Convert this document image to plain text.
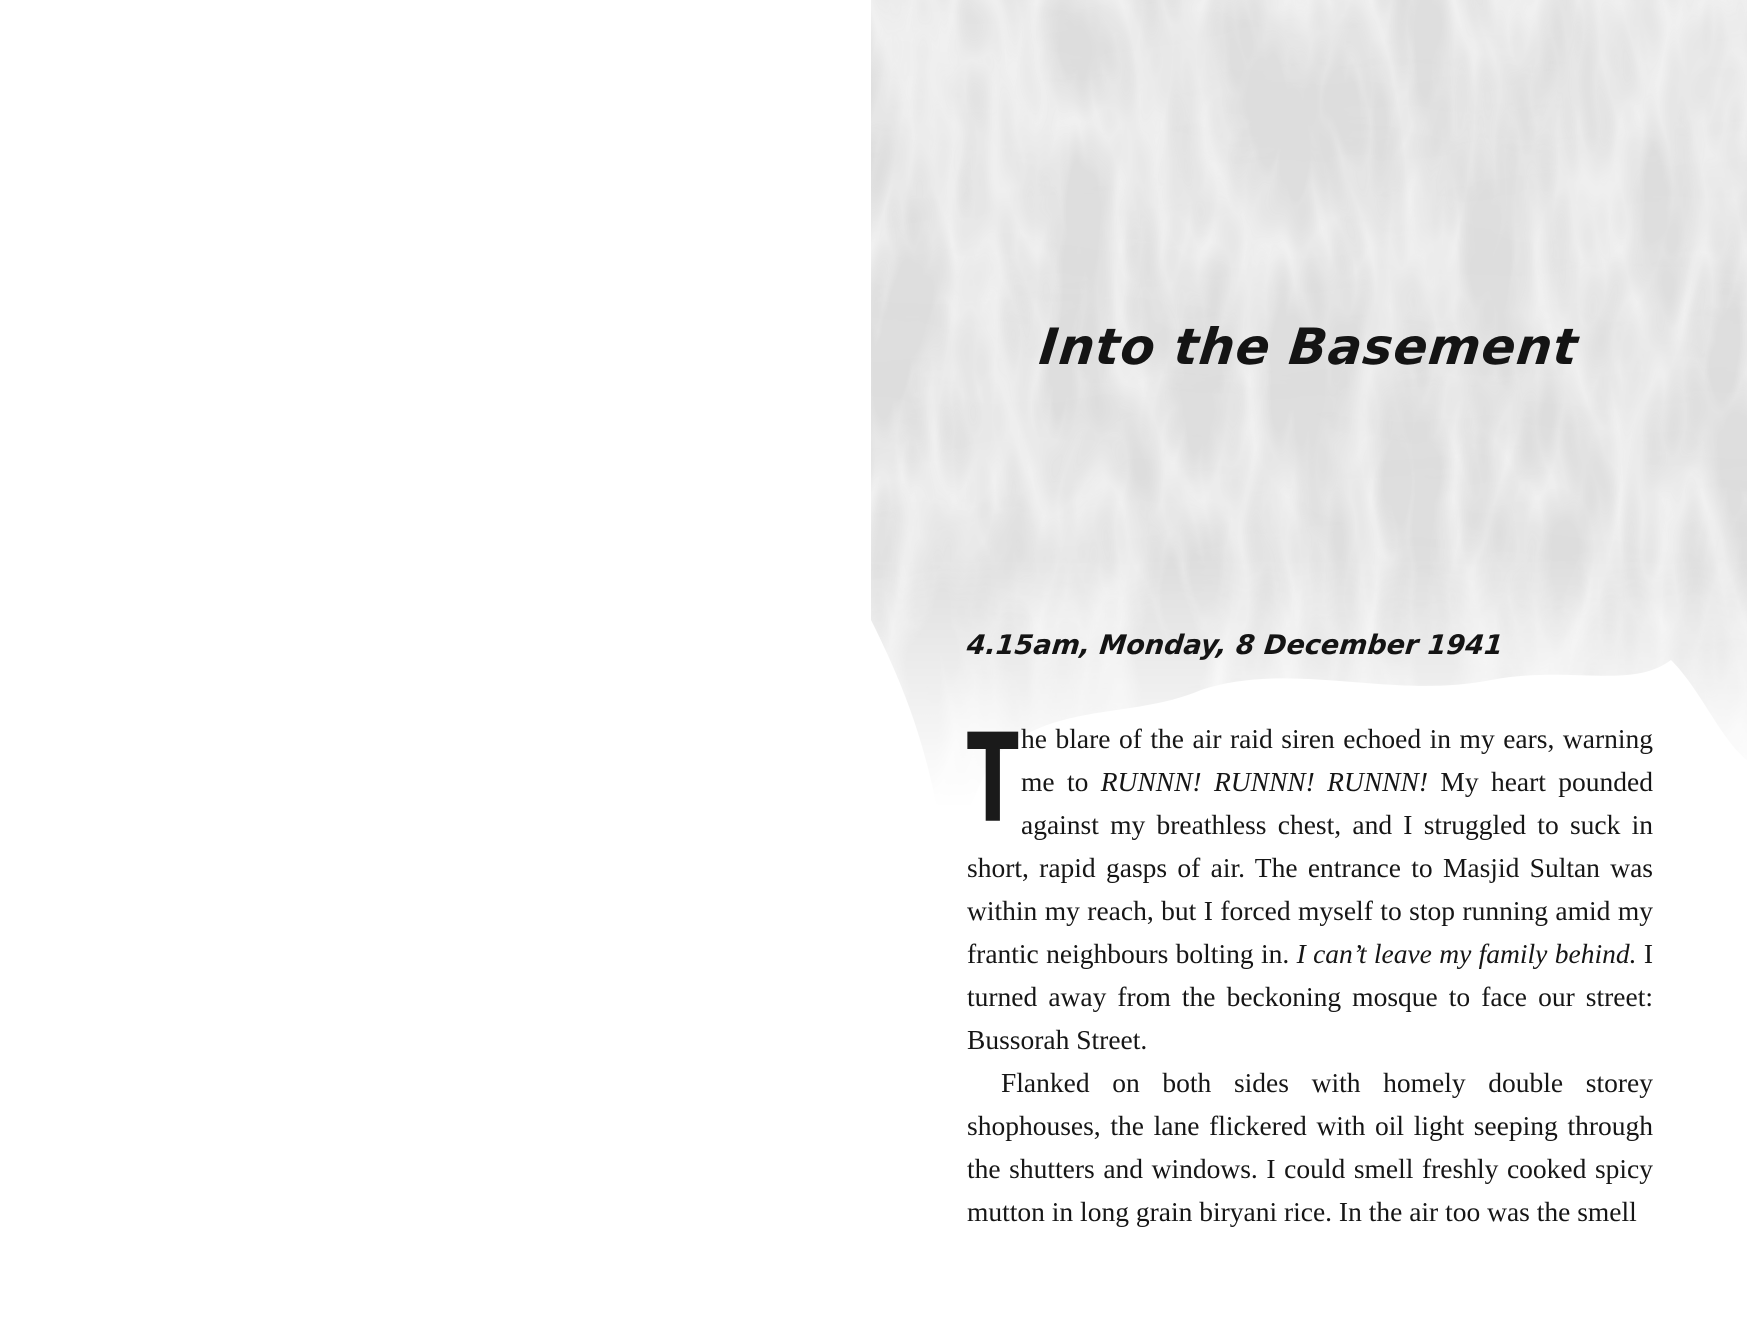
Into the Basement

4.15am, Monday, 8 December 1941

The blare of the air raid siren echoed in my ears, warning me to RUNNN! RUNNN! RUNNN! My heart pounded against my breathless chest, and I struggled to suck in short, rapid gasps of air. The entrance to Masjid Sultan was within my reach, but I forced myself to stop running amid my frantic neighbours bolting in. I can’t leave my family behind. I turned away from the beckoning mosque to face our street: Bussorah Street.

Flanked on both sides with homely double storey shophouses, the lane flickered with oil light seeping through the shutters and windows. I could smell freshly cooked spicy mutton in long grain biryani rice. In the air too was the smell
